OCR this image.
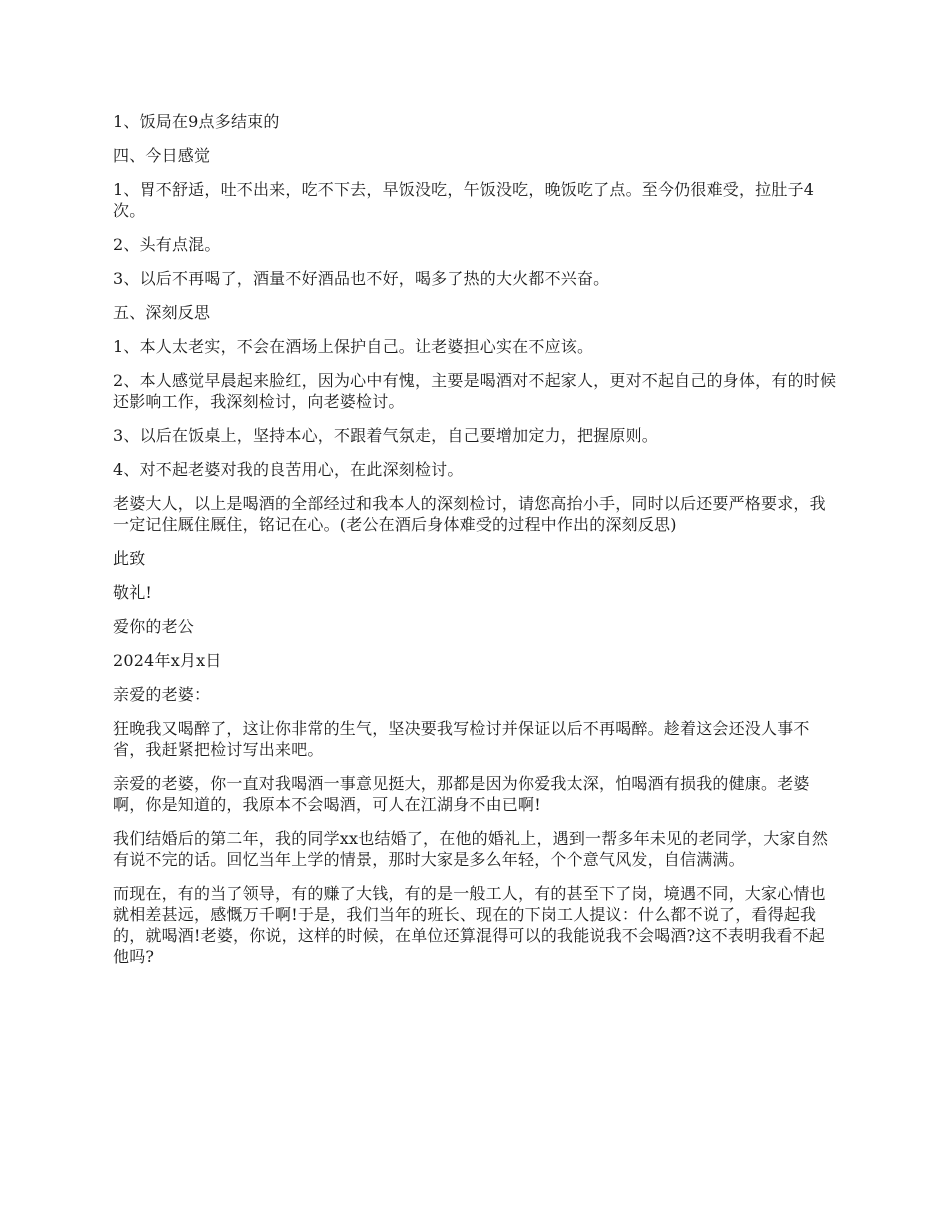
1、饭局在9点多结束的

四、今日感觉

1、胃不舒适，吐不出来，吃不下去，早饭没吃，午饭没吃，晚饭吃了点。至今仍很难受，拉肚子4次。

2、头有点混。

3、以后不再喝了，酒量不好酒品也不好，喝多了热的大火都不兴奋。

五、深刻反思

1、本人太老实，不会在酒场上保护自己。让老婆担心实在不应该。

2、本人感觉早晨起来脸红，因为心中有愧，主要是喝酒对不起家人，更对不起自己的身体，有的时候还影响工作，我深刻检讨，向老婆检讨。

3、以后在饭桌上，坚持本心，不跟着气氛走，自己要增加定力，把握原则。

4、对不起老婆对我的良苦用心，在此深刻检讨。

老婆大人，以上是喝酒的全部经过和我本人的深刻检讨，请您高抬小手，同时以后还要严格要求，我一定记住厩住厩住，铭记在心。(老公在酒后身体难受的过程中作出的深刻反思)

此致

敬礼!

爱你的老公

2024年x月x日

亲爱的老婆：

狂晚我又喝醉了，这让你非常的生气，坚决要我写检讨并保证以后不再喝醉。趁着这会还没人事不省，我赶紧把检讨写出来吧。

亲爱的老婆，你一直对我喝酒一事意见挺大，那都是因为你爱我太深，怕喝酒有损我的健康。老婆啊，你是知道的，我原本不会喝酒，可人在江湖身不由已啊!

我们结婚后的第二年，我的同学xx也结婚了，在他的婚礼上，遇到一帮多年未见的老同学，大家自然有说不完的话。回忆当年上学的情景，那时大家是多么年轻，个个意气风发，自信满满。

而现在，有的当了领导，有的赚了大钱，有的是一般工人，有的甚至下了岗，境遇不同，大家心情也就相差甚远，感慨万千啊!于是，我们当年的班长、现在的下岗工人提议：什么都不说了，看得起我的，就喝酒!老婆，你说，这样的时候，在单位还算混得可以的我能说我不会喝酒?这不表明我看不起他吗?
